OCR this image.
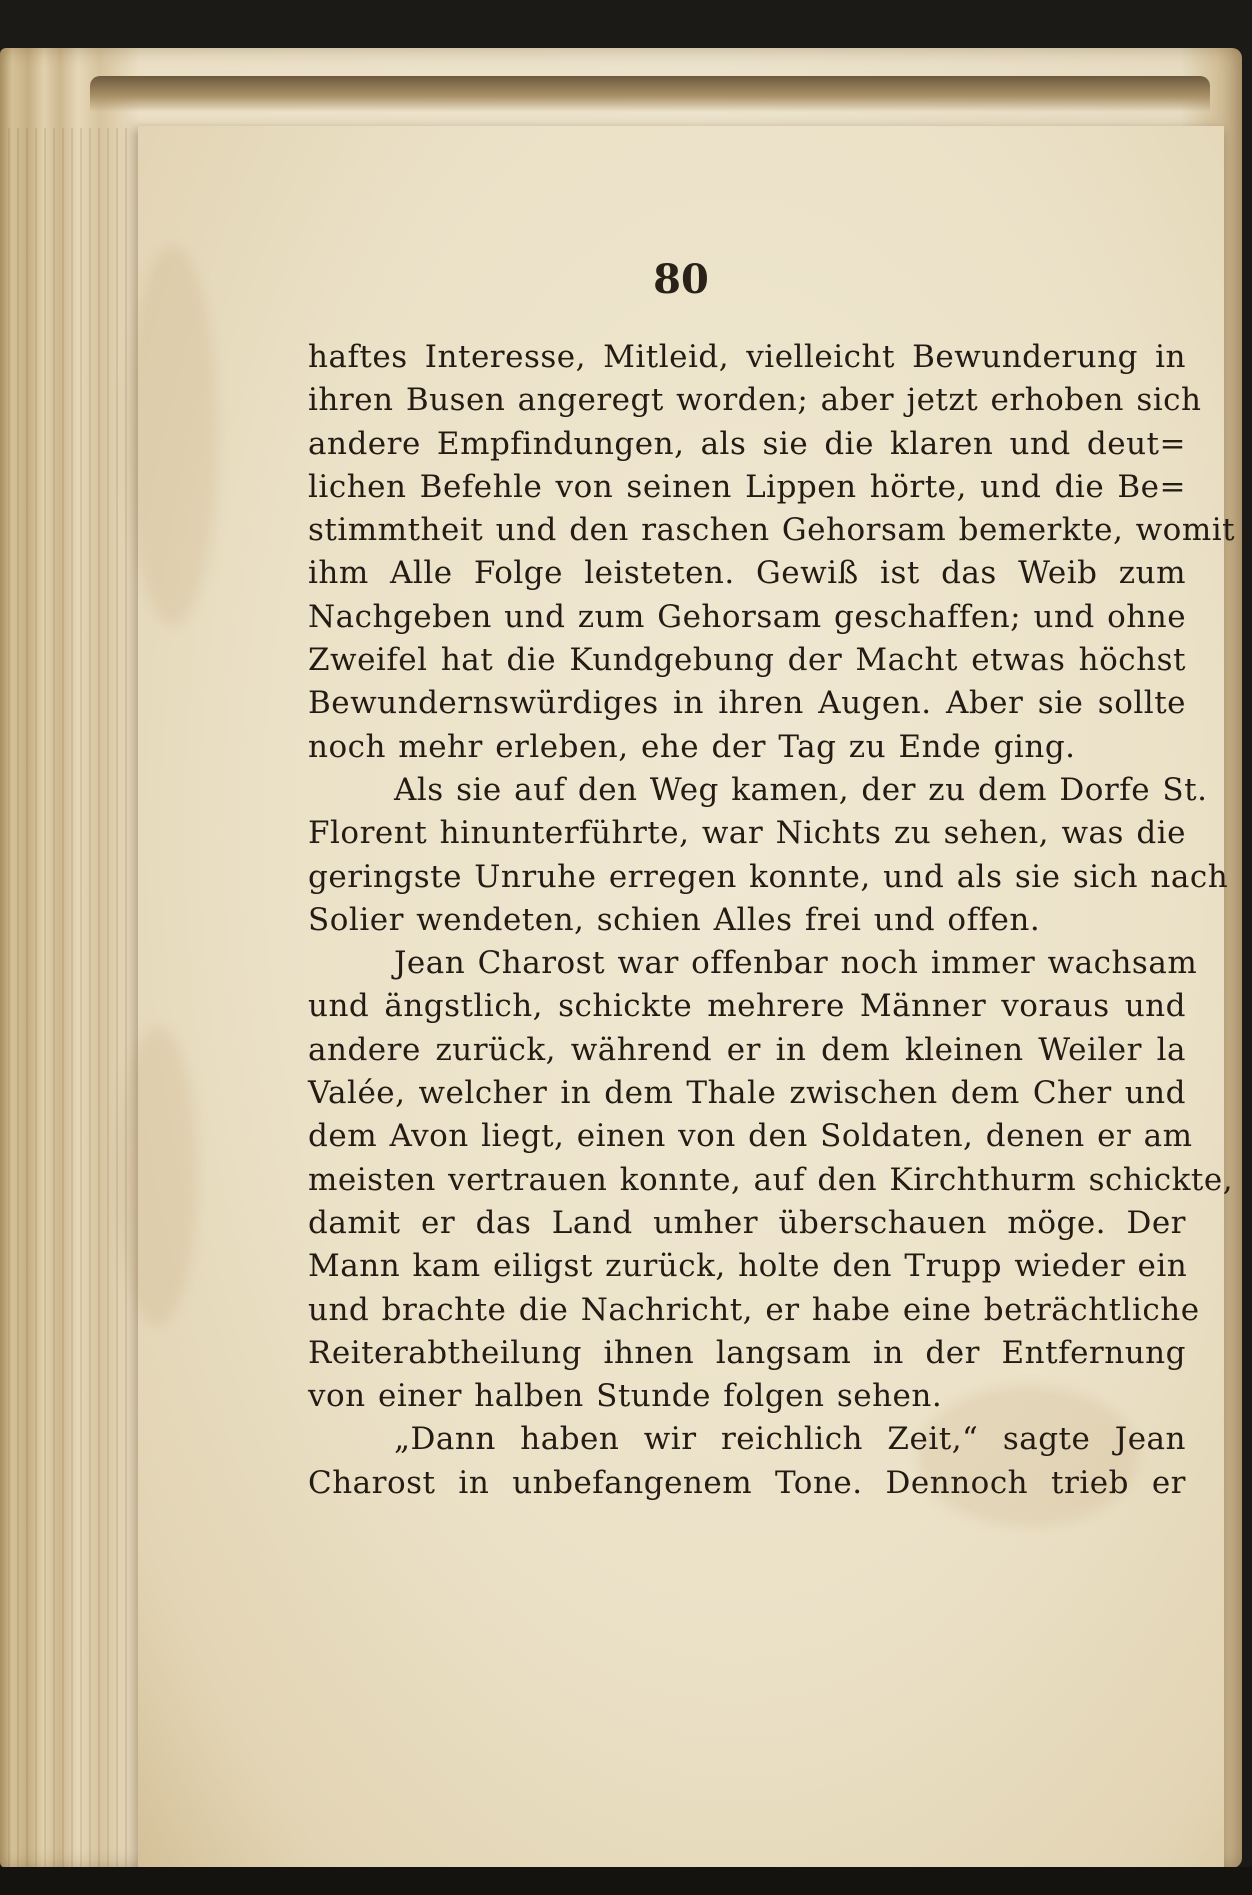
80

haftes Interesse, Mitleid, vielleicht Bewunderung in
ihren Busen angeregt worden; aber jetzt erhoben sich
andere Empfindungen, als sie die klaren und deut=
lichen Befehle von seinen Lippen hörte, und die Be=
stimmtheit und den raschen Gehorsam bemerkte, womit
ihm Alle Folge leisteten. Gewiß ist das Weib zum
Nachgeben und zum Gehorsam geschaffen; und ohne
Zweifel hat die Kundgebung der Macht etwas höchst
Bewundernswürdiges in ihren Augen. Aber sie sollte
noch mehr erleben, ehe der Tag zu Ende ging.

Als sie auf den Weg kamen, der zu dem Dorfe St.
Florent hinunterführte, war Nichts zu sehen, was die
geringste Unruhe erregen konnte, und als sie sich nach
Solier wendeten, schien Alles frei und offen.

Jean Charost war offenbar noch immer wachsam
und ängstlich, schickte mehrere Männer voraus und
andere zurück, während er in dem kleinen Weiler la
Valée, welcher in dem Thale zwischen dem Cher und
dem Avon liegt, einen von den Soldaten, denen er am
meisten vertrauen konnte, auf den Kirchthurm schickte,
damit er das Land umher überschauen möge. Der
Mann kam eiligst zurück, holte den Trupp wieder ein
und brachte die Nachricht, er habe eine beträchtliche
Reiterabtheilung ihnen langsam in der Entfernung
von einer halben Stunde folgen sehen.

„Dann haben wir reichlich Zeit,“ sagte Jean
Charost in unbefangenem Tone. Dennoch trieb er
